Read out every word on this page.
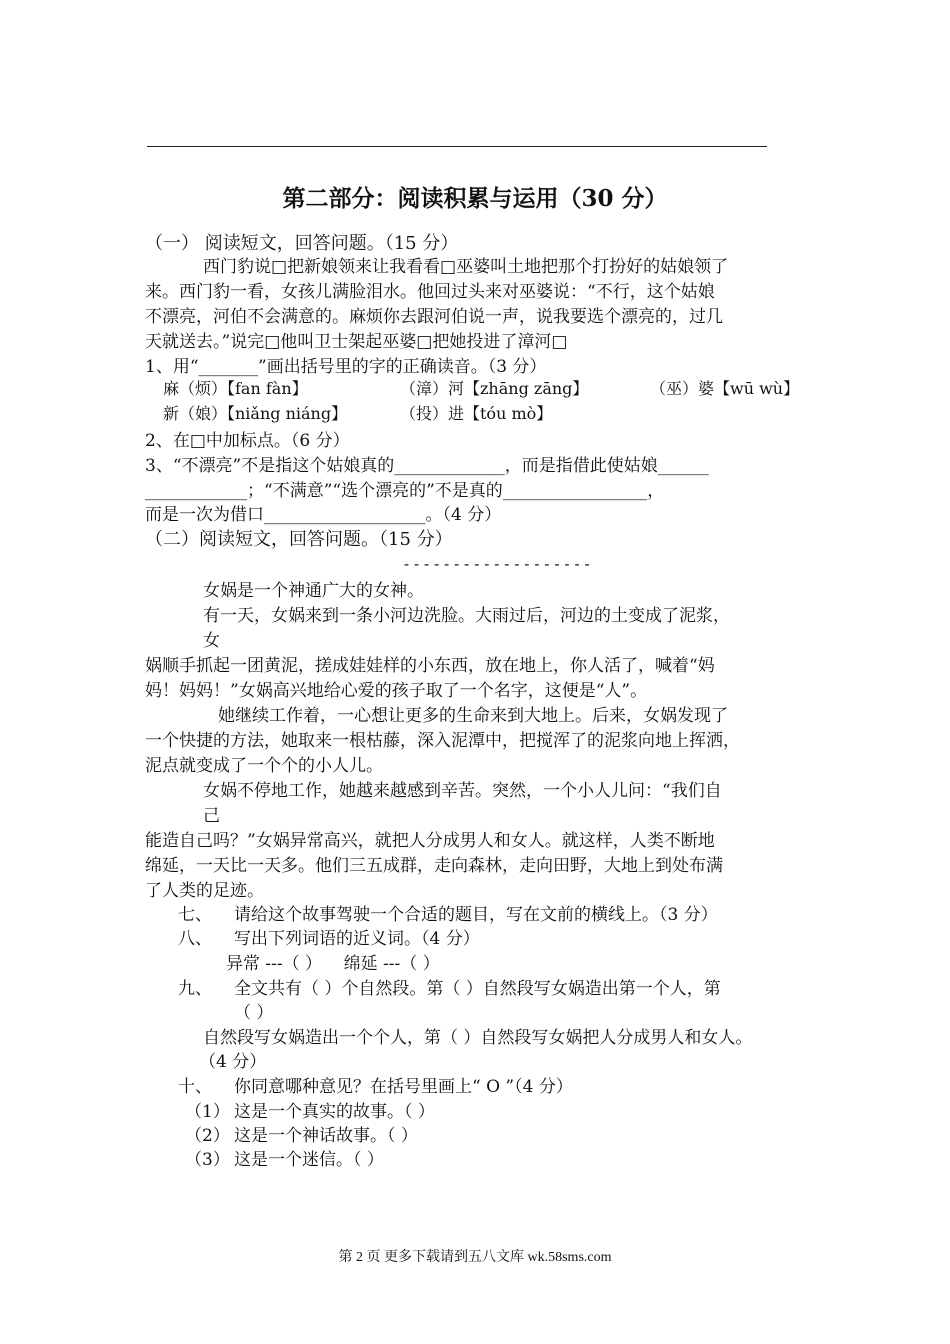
第二部分：阅读积累与运用（30 分）
（一） 阅读短文，回答问题。（15 分）
西门豹说□把新娘领来让我看看□巫婆叫土地把那个打扮好的姑娘领了
来。西门豹一看，女孩儿满脸泪水。他回过头来对巫婆说：“不行，这个姑娘
不漂亮，河伯不会满意的。麻烦你去跟河伯说一声，说我要选个漂亮的，过几
天就送去。”说完□他叫卫士架起巫婆□把她投进了漳河□
1、用“_______”画出括号里的字的正确读音。（3 分）
麻（烦）【fan fàn】	（漳）河【zhāng zāng】	（巫）婆【wū wù】
新（娘）【niǎng niáng】	（投）进【tóu mò】
2、在□中加标点。（6 分）
3、“不漂亮”不是指这个姑娘真的_____________，而是指借此使姑娘______
____________；“不满意”“选个漂亮的”不是真的_________________，
而是一次为借口___________________。（4 分）
（二）阅读短文，回答问题。（15 分）
-------------------
女娲是一个神通广大的女神。
有一天，女娲来到一条小河边洗脸。大雨过后，河边的土变成了泥浆，
女
娲顺手抓起一团黄泥，搓成娃娃样的小东西，放在地上，你人活了，喊着“妈
妈！妈妈！”女娲高兴地给心爱的孩子取了一个名字，这便是“人”。
她继续工作着，一心想让更多的生命来到大地上。后来，女娲发现了
一个快捷的方法，她取来一根枯藤，深入泥潭中，把搅浑了的泥浆向地上挥洒，
泥点就变成了一个个的小人儿。
女娲不停地工作，她越来越感到辛苦。突然，一个小人儿问：“我们自
己
能造自己吗？”女娲异常高兴，就把人分成男人和女人。就这样，人类不断地
绵延，一天比一天多。他们三五成群，走向森林，走向田野，大地上到处布满
了人类的足迹。
七、 请给这个故事驾驶一个合适的题目，写在文前的横线上。（3 分）
八、 写出下列词语的近义词。（4 分）
异常 ---（ ）    绵延 ---（ ）
九、 全文共有（ ）个自然段。第（ ）自然段写女娲造出第一个人，第
（ ）
自然段写女娲造出一个个人，第（ ）自然段写女娲把人分成男人和女人。
（4 分）
十、 你同意哪种意见？在括号里画上“ O ”（4 分）
（1） 这是一个真实的故事。（ ）
（2） 这是一个神话故事。（ ）
（3） 这是一个迷信。（ ）
第 2 页 更多下载请到五八文库 wk.58sms.com
